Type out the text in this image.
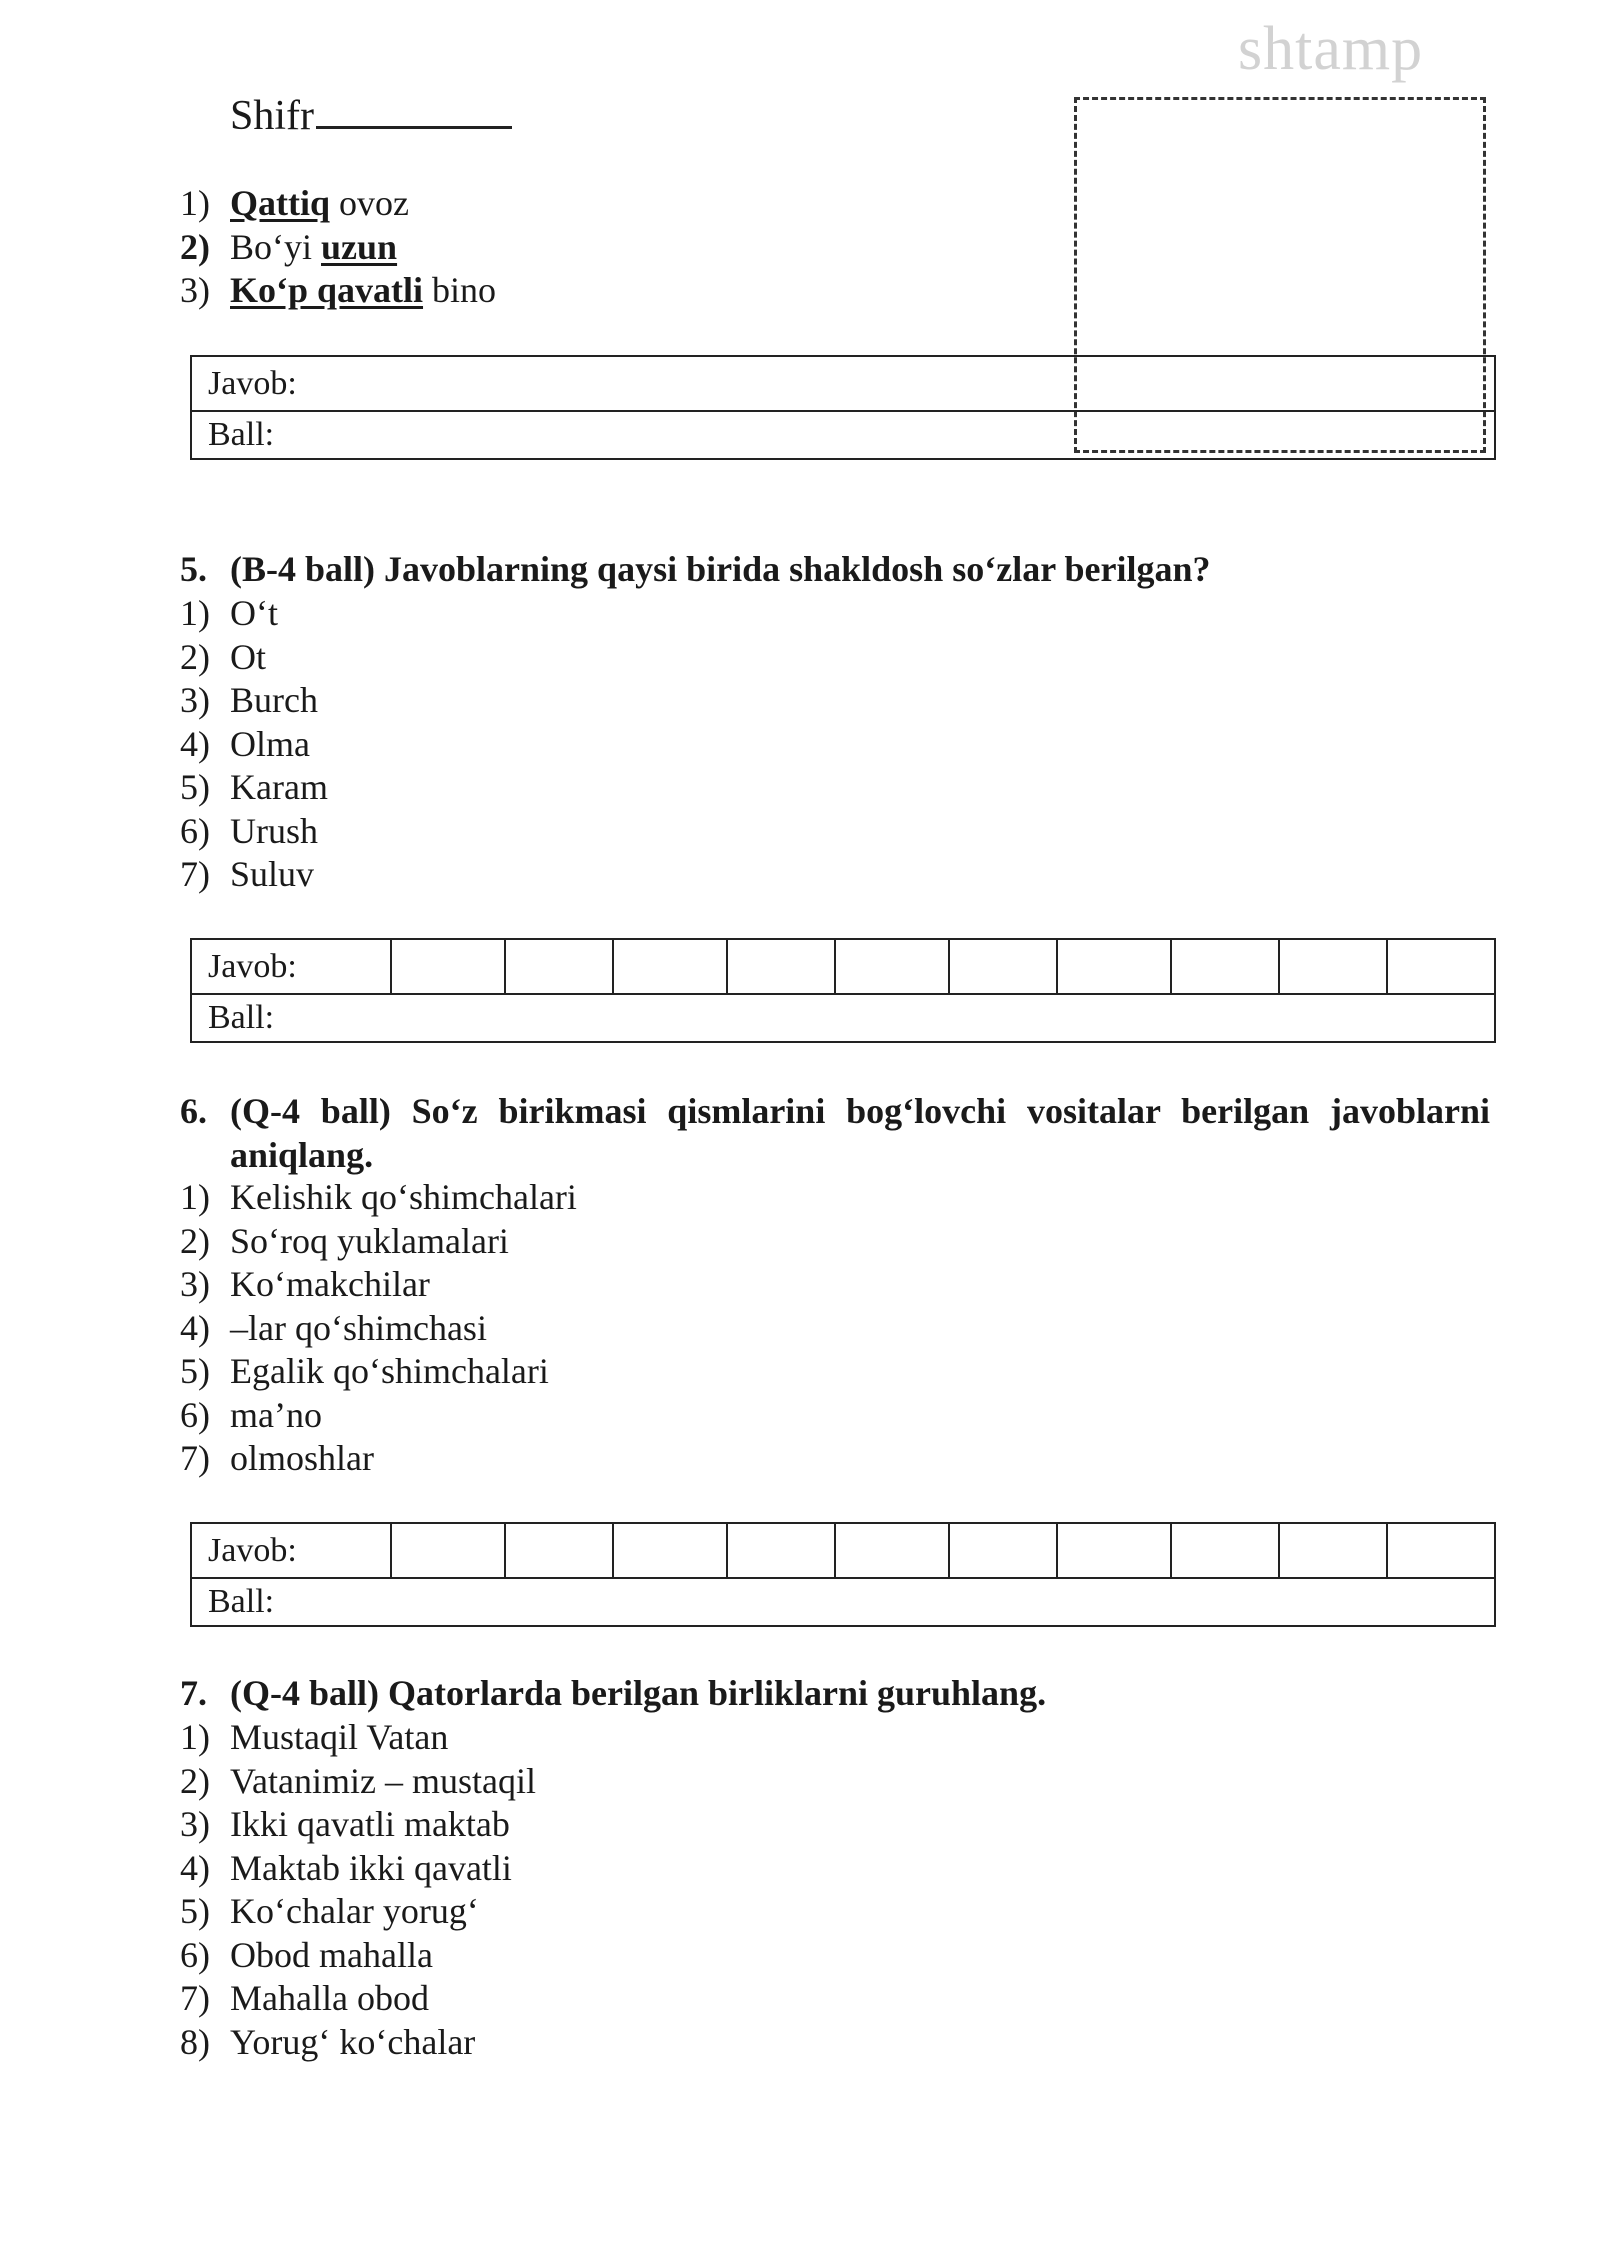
shtamp
Shifr
1) Qattiq ovoz
2) Bo‘yi uzun
3) Ko‘p qavatli bino
Javob:
Ball:
5. (B-4 ball) Javoblarning qaysi birida shakldosh so‘zlar berilgan?
1) O‘t
2) Ot
3) Burch
4) Olma
5) Karam
6) Urush
7) Suluv
Javob:
Ball:
6. (Q-4 ball) So‘z birikmasi qismlarini bog‘lovchi vositalar berilgan javoblarni aniqlang.
1) Kelishik qo‘shimchalari
2) So‘roq yuklamalari
3) Ko‘makchilar
4) –lar qo‘shimchasi
5) Egalik qo‘shimchalari
6) ma’no
7) olmoshlar
Javob:
Ball:
7. (Q-4 ball) Qatorlarda berilgan birliklarni guruhlang.
1) Mustaqil Vatan
2) Vatanimiz – mustaqil
3) Ikki qavatli maktab
4) Maktab ikki qavatli
5) Ko‘chalar yorug‘
6) Obod mahalla
7) Mahalla obod
8) Yorug‘ ko‘chalar
